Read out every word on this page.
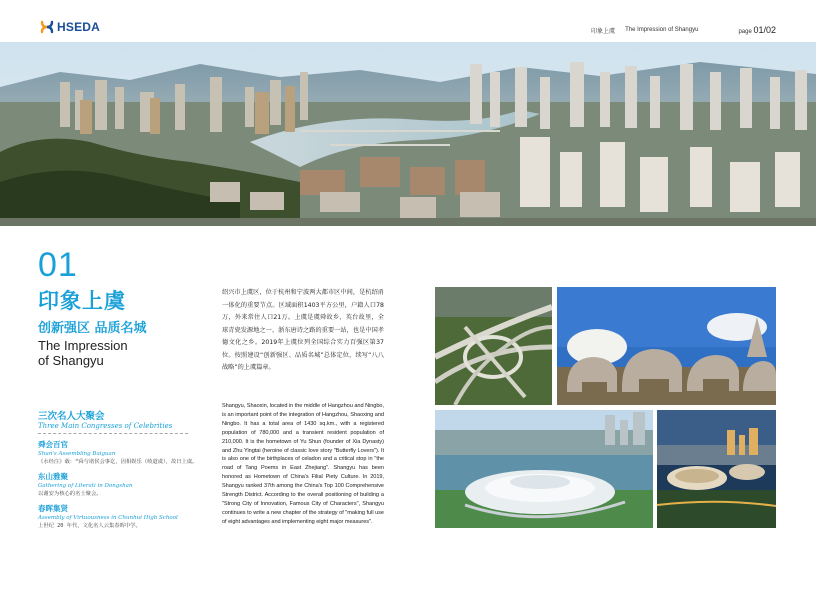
HSEDA	印象上虞 The Impression of Shangyu	page 01/02
01
印象上虞
创新强区 品质名城
The Impression
of Shangyu
三次名人大聚会
Three Main Congresses of Celebrities
舜会百官
Shun's Assembling Baiguan
《水经注》载：“舜与诸侯会事讫，因相娱乐（岐道虞），故曰上虞。
东山雅聚
Gathering of Literati in Dongshan
以谢安为核心的名士聚会。
春晖集贤
Assembly of Virtuousness in Chunhui High School
上世纪 20 年代，文化名人云集春晖中学。

绍兴市上虞区，位于杭州和宁波两大都市区中间，是杭绍甬一体化的重要节点。区域面积1403平方公里，户籍人口78万，外来常住人口21万。上虞是虞舜故乡、英台故里，全球青瓷发源地之一、浙东唐诗之路的重要一站，也是中国孝德文化之乡。2019年上虞位列全国综合实力百强区第37位。按照建设“创新强区、品质名城”总体定位，续写“八八战略”的上虞篇章。

Shangyu, Shaoxin, located in the middle of Hangzhou and Ningbo, is an important point of the integration of Hangzhou, Shaoxing and Ningbo. It has a total area of 1430 sq.km., with a registered population of 780,000 and a transient resident population of 210,000. It is the hometown of Yu Shun (founder of Xia Dynasty) and Zhu Yingtai (heroine of classic love story "Butterfly Lovers"). It is also one of the birthplaces of celadon and a critical stop in "the road of Tang Poems in East Zhejiang". Shangyu has been honored as Hometown of China's Filial Piety Culture. In 2019, Shangyu ranked 37th among the China's Top 100 Comprehensive Strength District. According to the overall positioning of building a "Strong City of Innovation, Famous City of Characters", Shangyu continues to write a new chapter of the strategy of "making full use of eight advantages and implementing eight major measures".
